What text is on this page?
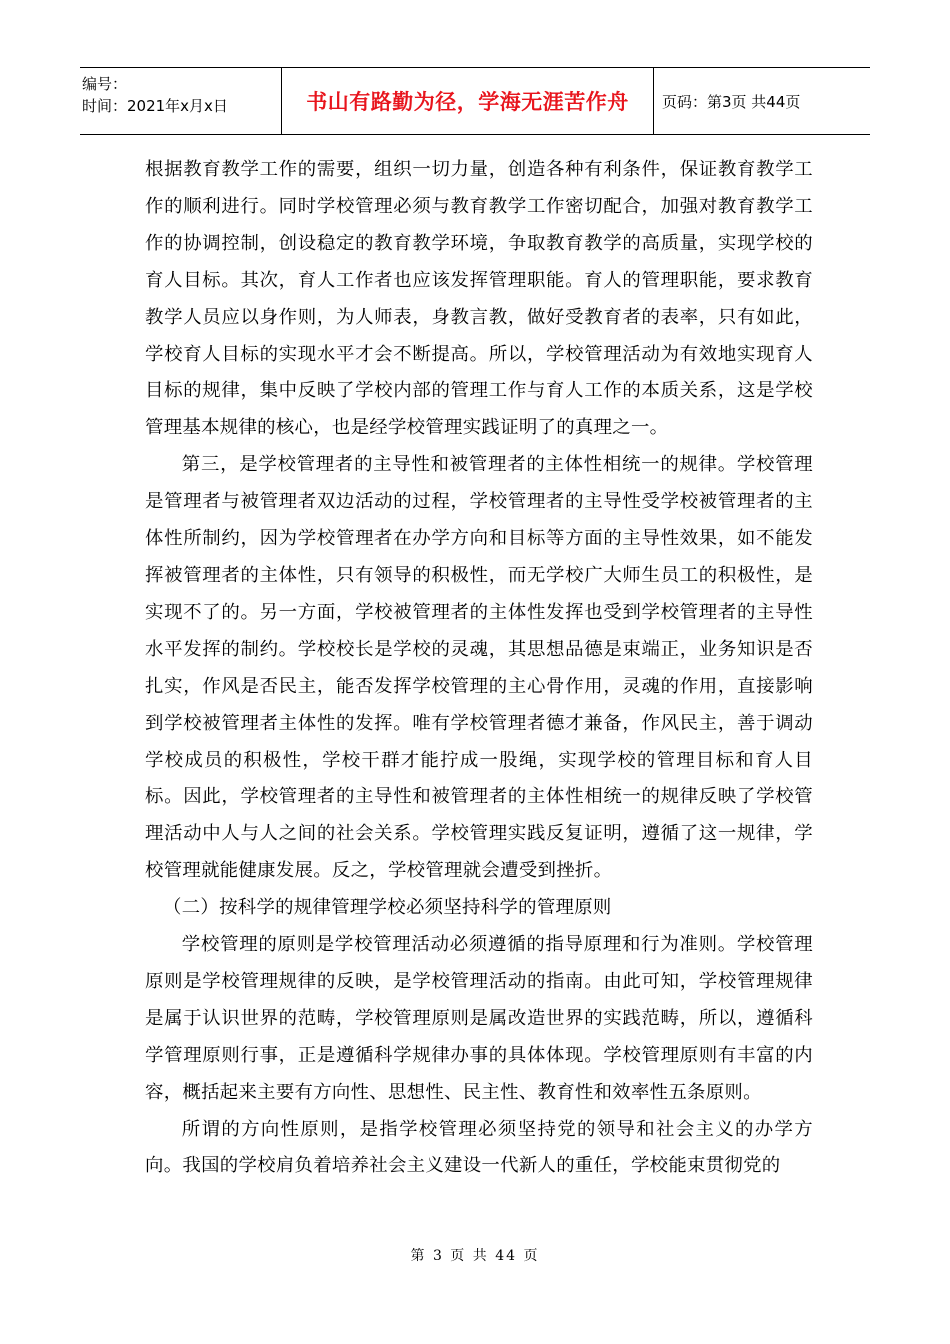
编号：
时间：2021年x月x日	书山有路勤为径，学海无涯苦作舟	页码：第3页 共44页

根据教育教学工作的需要，组织一切力量，创造各种有利条件，保证教育教学工作的顺利进行。同时学校管理必须与教育教学工作密切配合，加强对教育教学工作的协调控制，创设稳定的教育教学环境，争取教育教学的高质量，实现学校的育人目标。其次，育人工作者也应该发挥管理职能。育人的管理职能，要求教育教学人员应以身作则，为人师表，身教言教，做好受教育者的表率，只有如此，学校育人目标的实现水平才会不断提高。所以，学校管理活动为有效地实现育人目标的规律，集中反映了学校内部的管理工作与育人工作的本质关系，这是学校管理基本规律的核心，也是经学校管理实践证明了的真理之一。

第三，是学校管理者的主导性和被管理者的主体性相统一的规律。学校管理是管理者与被管理者双边活动的过程，学校管理者的主导性受学校被管理者的主体性所制约，因为学校管理者在办学方向和目标等方面的主导性效果，如不能发挥被管理者的主体性，只有领导的积极性，而无学校广大师生员工的积极性，是实现不了的。另一方面，学校被管理者的主体性发挥也受到学校管理者的主导性水平发挥的制约。学校校长是学校的灵魂，其思想品德是束端正，业务知识是否扎实，作风是否民主，能否发挥学校管理的主心骨作用，灵魂的作用，直接影响到学校被管理者主体性的发挥。唯有学校管理者德才兼备，作风民主，善于调动学校成员的积极性，学校干群才能拧成一股绳，实现学校的管理目标和育人目标。因此，学校管理者的主导性和被管理者的主体性相统一的规律反映了学校管理活动中人与人之间的社会关系。学校管理实践反复证明，遵循了这一规律，学校管理就能健康发展。反之，学校管理就会遭受到挫折。

（二）按科学的规律管理学校必须坚持科学的管理原则

学校管理的原则是学校管理活动必须遵循的指导原理和行为准则。学校管理原则是学校管理规律的反映，是学校管理活动的指南。由此可知，学校管理规律是属于认识世界的范畴，学校管理原则是属改造世界的实践范畴，所以，遵循科学管理原则行事，正是遵循科学规律办事的具体体现。学校管理原则有丰富的内容，概括起来主要有方向性、思想性、民主性、教育性和效率性五条原则。

所谓的方向性原则，是指学校管理必须坚持党的领导和社会主义的办学方向。我国的学校肩负着培养社会主义建设一代新人的重任，学校能束贯彻党的

第 3 页 共 44 页
